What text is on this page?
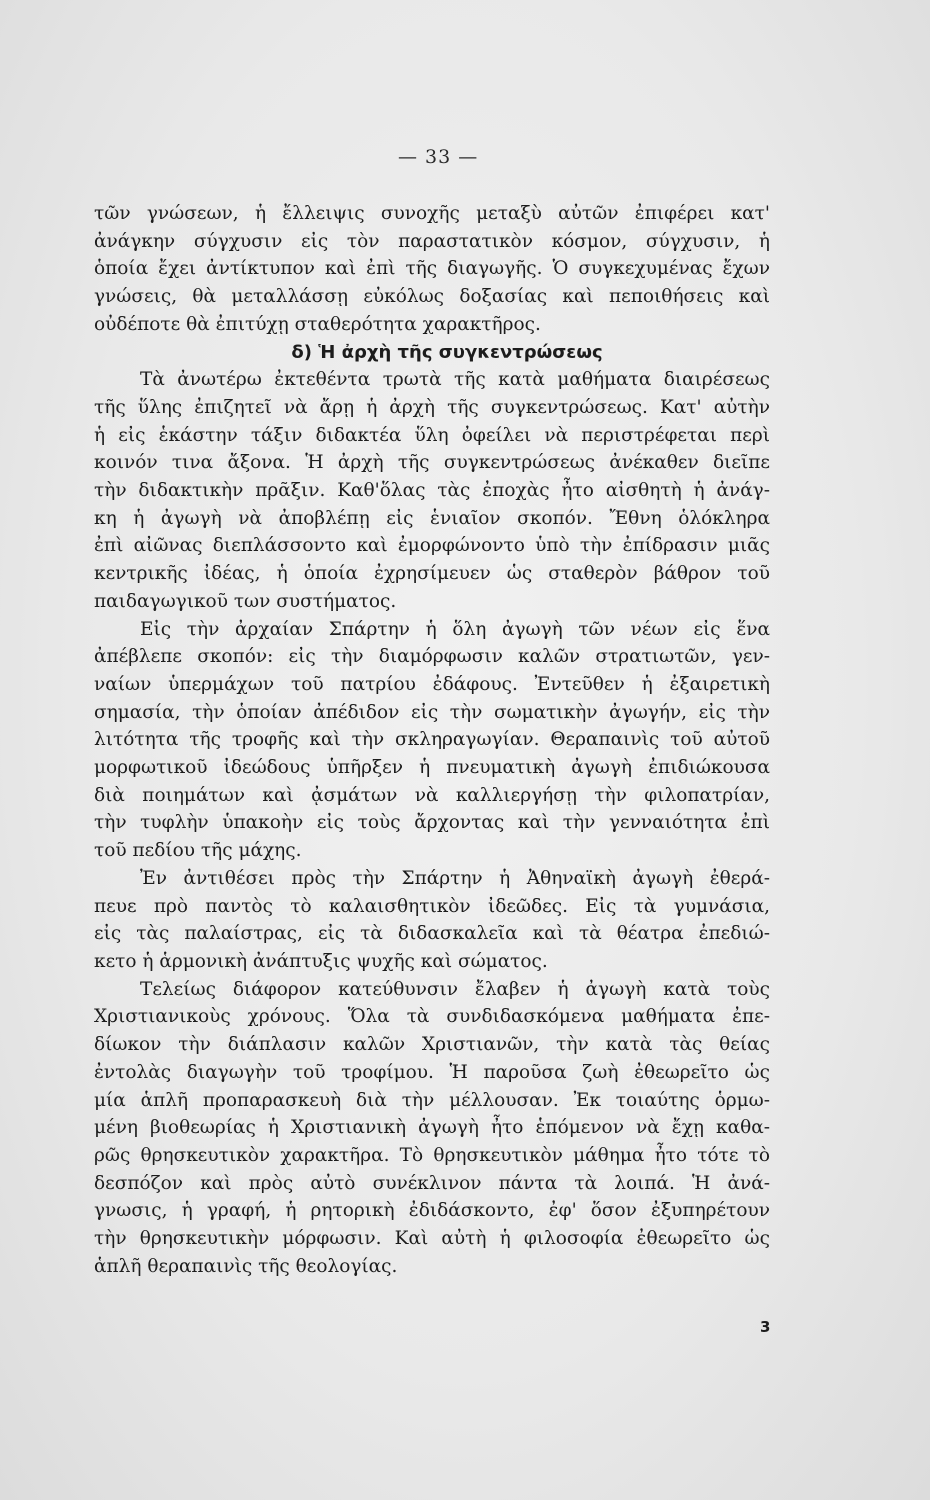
— 33 —
τῶν γνώσεων, ἡ ἔλλειψις συνοχῆς μεταξὺ αὐτῶν ἐπιφέρει κατ'
ἀνάγκην σύγχυσιν εἰς τὸν παραστατικὸν κόσμον, σύγχυσιν, ἡ
ὁποία ἔχει ἀντίκτυπον καὶ ἐπὶ τῆς διαγωγῆς. Ὁ συγκεχυμένας ἔχων
γνώσεις, θὰ μεταλλάσσῃ εὐκόλως δοξασίας καὶ πεποιθήσεις καὶ
οὐδέποτε θὰ ἐπιτύχῃ σταθερότητα χαρακτῆρος.
δ) Ἡ ἀρχὴ τῆς συγκεντρώσεως
Τὰ ἀνωτέρω ἐκτεθέντα τρωτὰ τῆς κατὰ μαθήματα διαιρέσεως
τῆς ὕλης ἐπιζητεῖ νὰ ἄρῃ ἡ ἀρχὴ τῆς συγκεντρώσεως. Κατ' αὐτὴν
ἡ εἰς ἑκάστην τάξιν διδακτέα ὕλη ὀφείλει νὰ περιστρέφεται περὶ
κοινόν τινα ἄξονα. Ἡ ἀρχὴ τῆς συγκεντρώσεως ἀνέκαθεν διεῖπε
τὴν διδακτικὴν πρᾶξιν. Καθ'ὅλας τὰς ἐποχὰς ἦτο αἰσθητὴ ἡ ἀνάγ-
κη ἡ ἀγωγὴ νὰ ἀποβλέπῃ εἰς ἑνιαῖον σκοπόν. Ἔθνη ὁλόκληρα
ἐπὶ αἰῶνας διεπλάσσοντο καὶ ἐμορφώνοντο ὑπὸ τὴν ἐπίδρασιν μιᾶς
κεντρικῆς ἰδέας, ἡ ὁποία ἐχρησίμευεν ὡς σταθερὸν βάθρον τοῦ
παιδαγωγικοῦ των συστήματος.
Εἰς τὴν ἀρχαίαν Σπάρτην ἡ ὅλη ἀγωγὴ τῶν νέων εἰς ἕνα
ἀπέβλεπε σκοπόν: εἰς τὴν διαμόρφωσιν καλῶν στρατιωτῶν, γεν-
ναίων ὑπερμάχων τοῦ πατρίου ἐδάφους. Ἐντεῦθεν ἡ ἐξαιρετικὴ
σημασία, τὴν ὁποίαν ἀπέδιδον εἰς τὴν σωματικὴν ἀγωγήν, εἰς τὴν
λιτότητα τῆς τροφῆς καὶ τὴν σκληραγωγίαν. Θεραπαινὶς τοῦ αὐτοῦ
μορφωτικοῦ ἰδεώδους ὑπῆρξεν ἡ πνευματικὴ ἀγωγὴ ἐπιδιώκουσα
διὰ ποιημάτων καὶ ᾀσμάτων νὰ καλλιεργήσῃ τὴν φιλοπατρίαν,
τὴν τυφλὴν ὑπακοὴν εἰς τοὺς ἄρχοντας καὶ τὴν γενναιότητα ἐπὶ
τοῦ πεδίου τῆς μάχης.
Ἐν ἀντιθέσει πρὸς τὴν Σπάρτην ἡ Ἀθηναϊκὴ ἀγωγὴ ἐθερά-
πευε πρὸ παντὸς τὸ καλαισθητικὸν ἰδεῶδες. Εἰς τὰ γυμνάσια,
εἰς τὰς παλαίστρας, εἰς τὰ διδασκαλεῖα καὶ τὰ θέατρα ἐπεδιώ-
κετο ἡ ἁρμονικὴ ἀνάπτυξις ψυχῆς καὶ σώματος.
Τελείως διάφορον κατεύθυνσιν ἔλαβεν ἡ ἀγωγὴ κατὰ τοὺς
Χριστιανικοὺς χρόνους. Ὅλα τὰ συνδιδασκόμενα μαθήματα ἐπε-
δίωκον τὴν διάπλασιν καλῶν Χριστιανῶν, τὴν κατὰ τὰς θείας
ἐντολὰς διαγωγὴν τοῦ τροφίμου. Ἡ παροῦσα ζωὴ ἐθεωρεῖτο ὡς
μία ἁπλῆ προπαρασκευὴ διὰ τὴν μέλλουσαν. Ἐκ τοιαύτης ὁρμω-
μένη βιοθεωρίας ἡ Χριστιανικὴ ἀγωγὴ ἦτο ἑπόμενον νὰ ἔχῃ καθα-
ρῶς θρησκευτικὸν χαρακτῆρα. Τὸ θρησκευτικὸν μάθημα ἦτο τότε τὸ
δεσπόζον καὶ πρὸς αὐτὸ συνέκλινον πάντα τὰ λοιπά. Ἡ ἀνά-
γνωσις, ἡ γραφή, ἡ ρητορικὴ ἐδιδάσκοντο, ἐφ' ὅσον ἐξυπηρέτουν
τὴν θρησκευτικὴν μόρφωσιν. Καὶ αὐτὴ ἡ φιλοσοφία ἐθεωρεῖτο ὡς
ἁπλῆ θεραπαινὶς τῆς θεολογίας.
3
